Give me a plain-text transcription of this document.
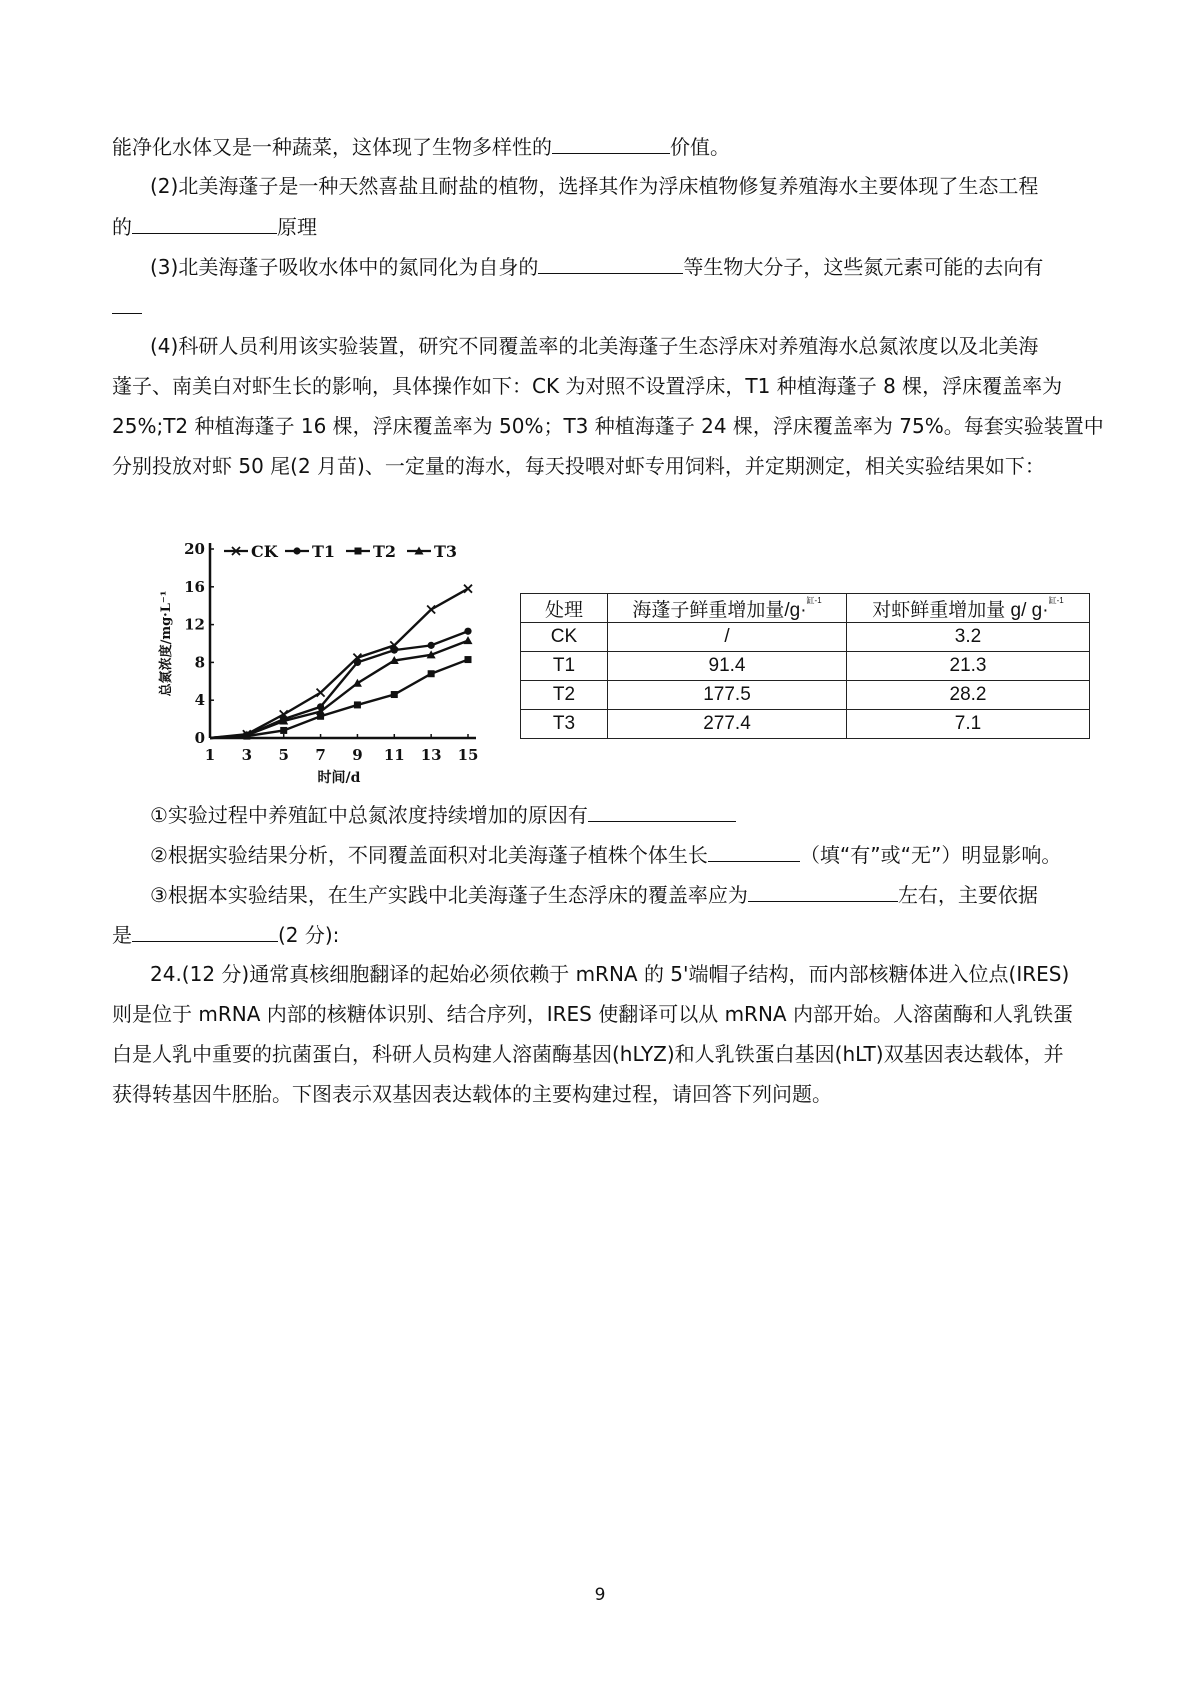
能净化水体又是一种蔬菜，这体现了生物多样性的	价值。
(2)北美海蓬子是一种天然喜盐且耐盐的植物，选择其作为浮床植物修复养殖海水主要体现了生态工程
的	原理
(3)北美海蓬子吸收水体中的氮同化为自身的	等生物大分子，这些氮元素可能的去向有
(4)科研人员利用该实验装置，研究不同覆盖率的北美海蓬子生态浮床对养殖海水总氮浓度以及北美海
蓬子、南美白对虾生长的影响，具体操作如下：CK 为对照不设置浮床，T1 种植海蓬子 8 棵，浮床覆盖率为
25%;T2 种植海蓬子 16 棵，浮床覆盖率为 50%；T3 种植海蓬子 24 棵，浮床覆盖率为 75%。每套实验装置中
分别投放对虾 50 尾(2 月苗)、一定量的海水，每天投喂对虾专用饲料，并定期测定，相关实验结果如下：
1 3 5 7 9 11 13 15
0
4
8
12
16
20
时间/d
总氮浓度/mg·L⁻¹
CK T1 T2 T3
处理	海蓬子鲜重增加量/g·$^{缸-1}$	对虾鲜重增加量 g/ g·$^{缸-1}$
CK	/	3.2
T1	91.4	21.3
T2	177.5	28.2
T3	277.4	7.1
①实验过程中养殖缸中总氮浓度持续增加的原因有
②根据实验结果分析，不同覆盖面积对北美海蓬子植株个体生长	（填“有”或“无”）明显影响。
③根据本实验结果，在生产实践中北美海蓬子生态浮床的覆盖率应为	左右，主要依据
是	(2 分):
24.(12 分)通常真核细胞翻译的起始必须依赖于 mRNA 的 5'端帽子结构，而内部核糖体进入位点(IRES)
则是位于 mRNA 内部的核糖体识别、结合序列，IRES 使翻译可以从 mRNA 内部开始。人溶菌酶和人乳铁蛋
白是人乳中重要的抗菌蛋白，科研人员构建人溶菌酶基因(hLYZ)和人乳铁蛋白基因(hLT)双基因表达载体，并
获得转基因牛胚胎。下图表示双基因表达载体的主要构建过程，请回答下列问题。
9
